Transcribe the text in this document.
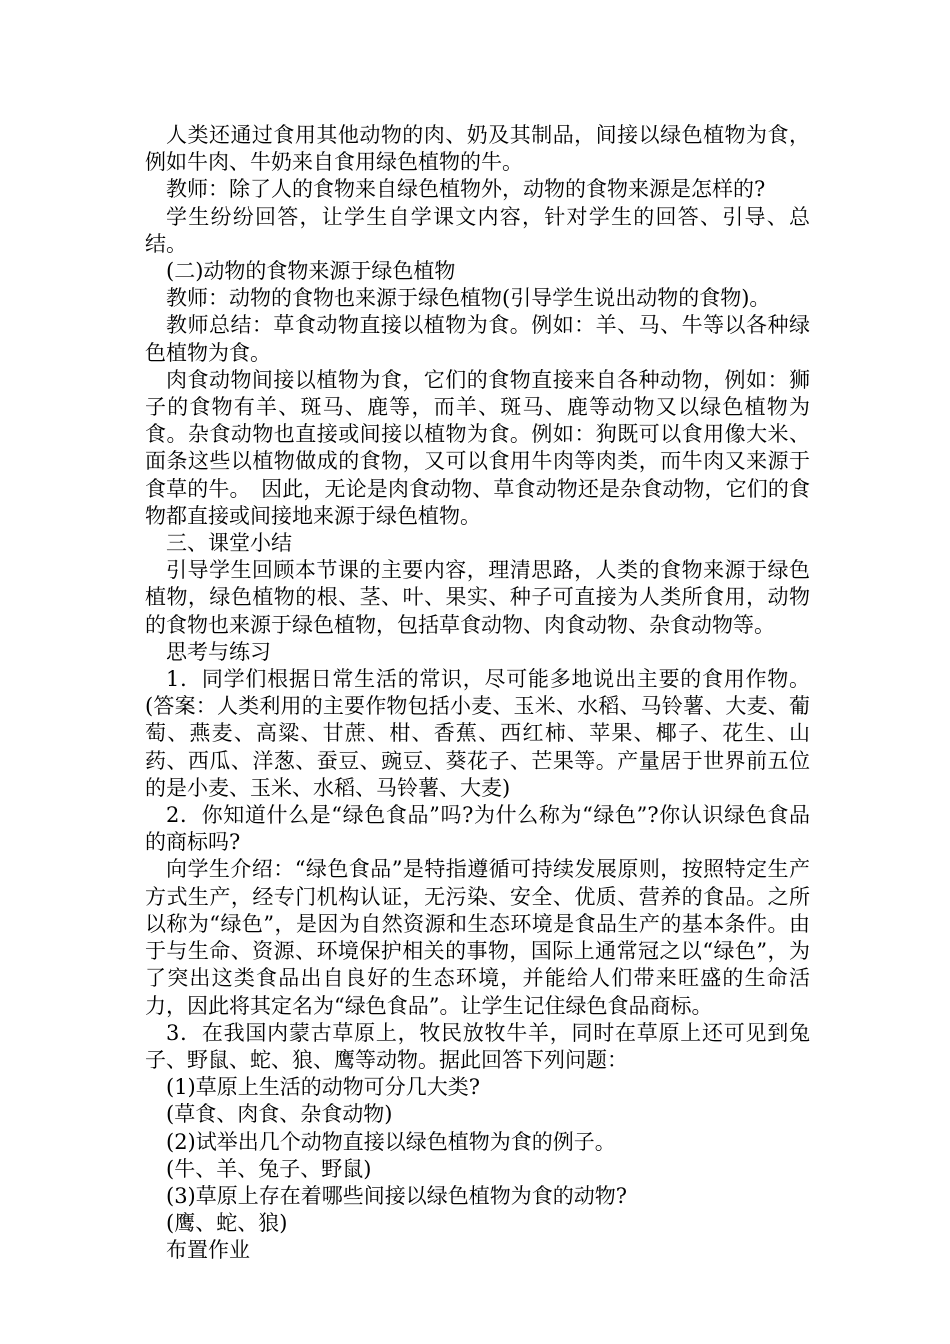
人类还通过食用其他动物的肉、奶及其制品，间接以绿色植物为食，例如牛肉、牛奶来自食用绿色植物的牛。

教师：除了人的食物来自绿色植物外，动物的食物来源是怎样的?

学生纷纷回答，让学生自学课文内容，针对学生的回答、引导、总结。

(二)动物的食物来源于绿色植物

教师：动物的食物也来源于绿色植物(引导学生说出动物的食物)。

教师总结：草食动物直接以植物为食。例如：羊、马、牛等以各种绿色植物为食。

肉食动物间接以植物为食，它们的食物直接来自各种动物，例如：狮子的食物有羊、斑马、鹿等，而羊、斑马、鹿等动物又以绿色植物为食。杂食动物也直接或间接以植物为食。例如：狗既可以食用像大米、面条这些以植物做成的食物，又可以食用牛肉等肉类，而牛肉又来源于食草的牛。　因此，无论是肉食动物、草食动物还是杂食动物，它们的食物都直接或间接地来源于绿色植物。

三、课堂小结

引导学生回顾本节课的主要内容，理清思路，人类的食物来源于绿色植物，绿色植物的根、茎、叶、果实、种子可直接为人类所食用，动物的食物也来源于绿色植物，包括草食动物、肉食动物、杂食动物等。

思考与练习

1．同学们根据日常生活的常识，尽可能多地说出主要的食用作物。(答案：人类利用的主要作物包括小麦、玉米、水稻、马铃薯、大麦、葡萄、燕麦、高粱、甘蔗、柑、香蕉、西红柿、苹果、椰子、花生、山药、西瓜、洋葱、蚕豆、豌豆、葵花子、芒果等。产量居于世界前五位的是小麦、玉米、水稻、马铃薯、大麦)

2．你知道什么是“绿色食品”吗?为什么称为“绿色”?你认识绿色食品的商标吗?

向学生介绍：“绿色食品”是特指遵循可持续发展原则，按照特定生产方式生产，经专门机构认证，无污染、安全、优质、营养的食品。之所以称为“绿色”，是因为自然资源和生态环境是食品生产的基本条件。由于与生命、资源、环境保护相关的事物，国际上通常冠之以“绿色”，为了突出这类食品出自良好的生态环境，并能给人们带来旺盛的生命活力，因此将其定名为“绿色食品”。让学生记住绿色食品商标。

3．在我国内蒙古草原上，牧民放牧牛羊，同时在草原上还可见到兔子、野鼠、蛇、狼、鹰等动物。据此回答下列问题：

(1)草原上生活的动物可分几大类?

(草食、肉食、杂食动物)

(2)试举出几个动物直接以绿色植物为食的例子。

(牛、羊、兔子、野鼠)

(3)草原上存在着哪些间接以绿色植物为食的动物?

(鹰、蛇、狼)

布置作业
